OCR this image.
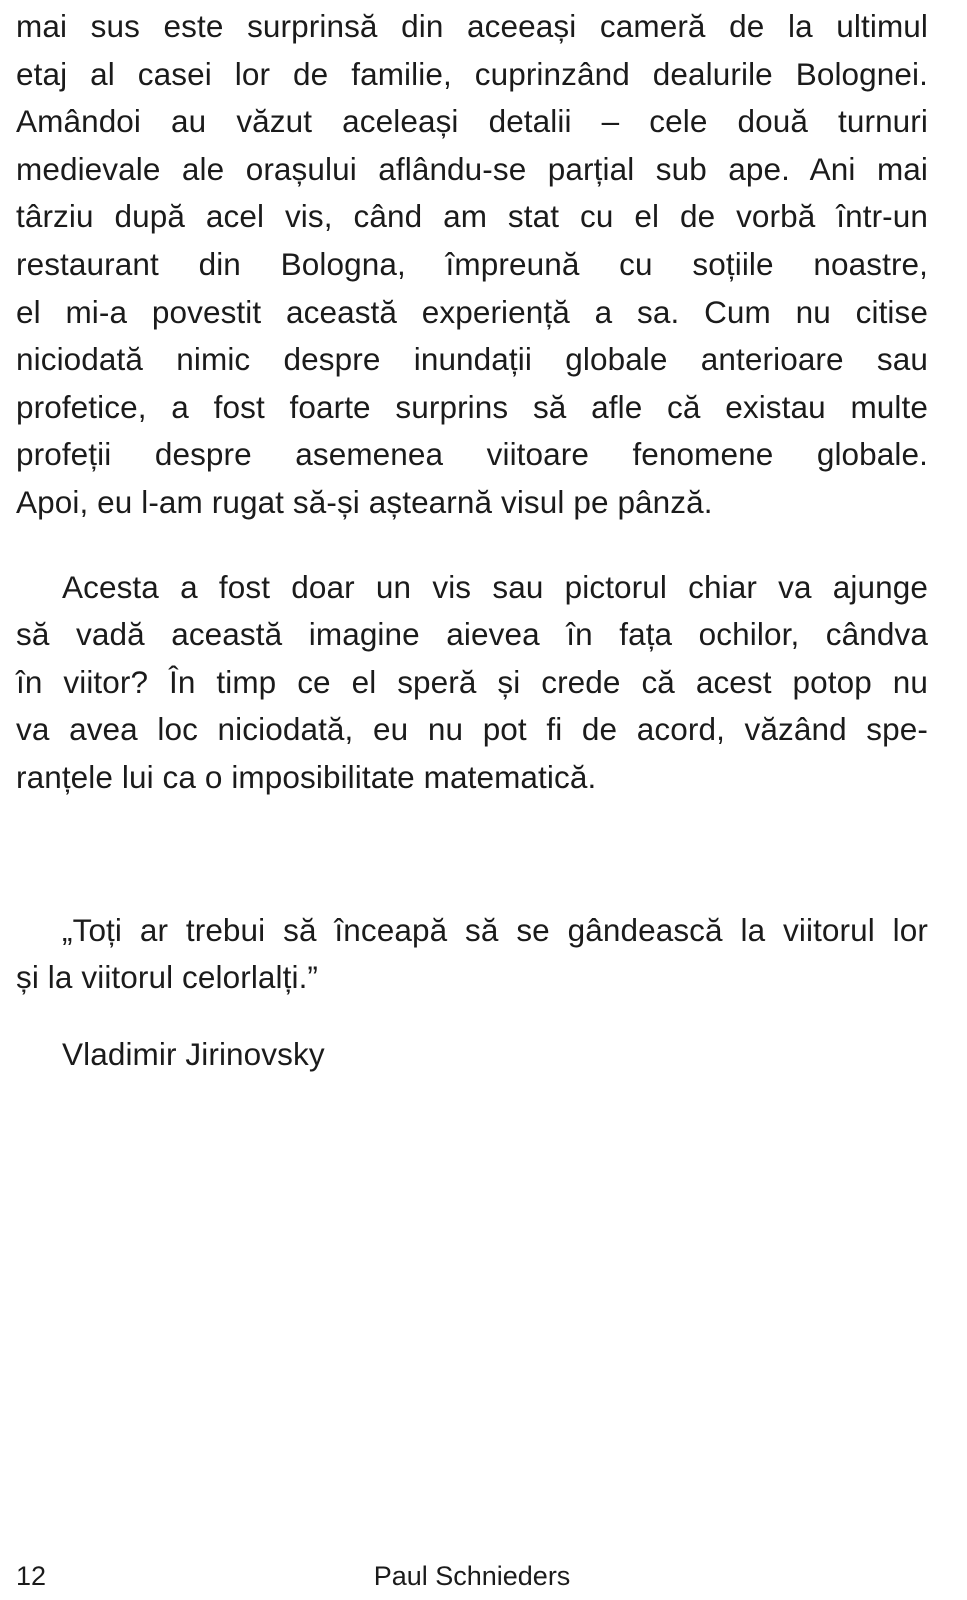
mai sus este surprinsă din aceeași cameră de la ultimul
etaj al casei lor de familie, cuprinzând dealurile Bolognei.
Amândoi au văzut aceleași detalii – cele două turnuri
medievale ale orașului aflându-se parțial sub ape. Ani mai
târziu după acel vis, când am stat cu el de vorbă într-un
restaurant din Bologna, împreună cu soțiile noastre,
el mi-a povestit această experiență a sa. Cum nu citise
niciodată nimic despre inundații globale anterioare sau
profetice, a fost foarte surprins să afle că existau multe
profeții despre asemenea viitoare fenomene globale.
Apoi, eu l-am rugat să-și aștearnă visul pe pânză.
Acesta a fost doar un vis sau pictorul chiar va ajunge
să vadă această imagine aievea în fața ochilor, cândva
în viitor? În timp ce el speră și crede că acest potop nu
va avea loc niciodată, eu nu pot fi de acord, văzând spe-
ranțele lui ca o imposibilitate matematică.
„Toți ar trebui să înceapă să se gândească la viitorul lor
și la viitorul celorlalți.”
Vladimir Jirinovsky
12	Paul Schnieders
